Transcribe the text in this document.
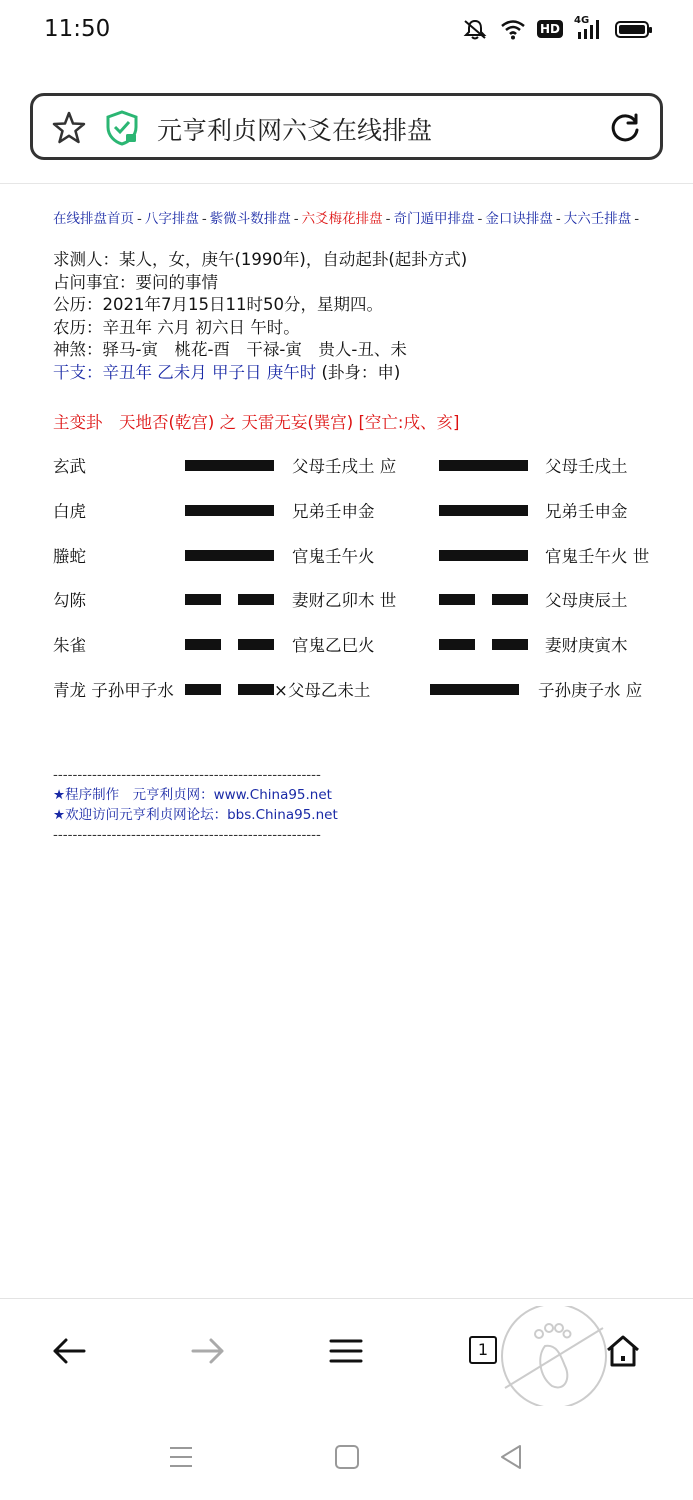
11:50	HD
4G
元亨利贞网六爻在线排盘
在线排盘首页 - 八字排盘 - 紫微斗数排盘 - 六爻梅花排盘 - 奇门遁甲排盘 - 金口诀排盘 - 大六壬排盘 -
求测人：某人，女，庚午(1990年)，自动起卦(起卦方式)
占问事宜：要问的事情
公历：2021年7月15日11时50分，星期四。
农历：辛丑年 六月 初六日 午时。
神煞：驿马-寅　桃花-酉　干禄-寅　贵人-丑、未
干支：辛丑年 乙未月 甲子日 庚午时 (卦身：申)
主变卦　天地否(乾宫) 之 天雷无妄(巽宫) [空亡:戌、亥]
玄武	父母壬戌土 应	父母壬戌土
白虎	兄弟壬申金	兄弟壬申金
螣蛇	官鬼壬午火	官鬼壬午火 世
勾陈	妻财乙卯木 世	父母庚辰土
朱雀	官鬼乙巳火	妻财庚寅木
青龙 子孙甲子水	×父母乙未土	子孙庚子水 应
-------------------------------------------------------
★程序制作　元亨利贞网：www.China95.net
★欢迎访问元亨利贞网论坛：bbs.China95.net
-------------------------------------------------------
1
